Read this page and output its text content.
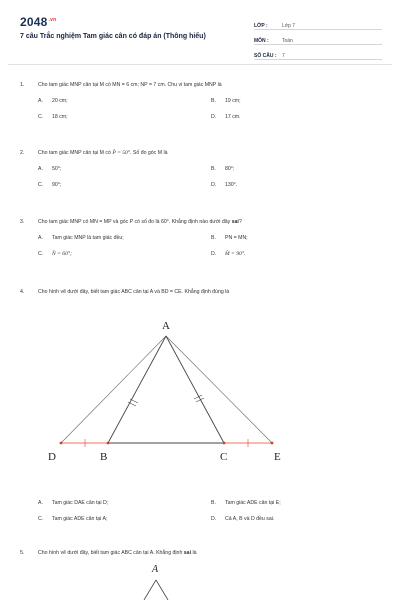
$2048^{.vn}$
7 câu Trắc nghiệm Tam giác cân có đáp án (Thông hiểu)
LỚP :	Lớp 7
MÔN :	Toán
SỐ CÂU :	7
1.	Cho tam giác MNP cân tại M có MN = 6 cm; NP = 7 cm. Chu vi tam giác MNP là
A.	20 cm;	B.	19 cm;
C.	18 cm;	D.	17 cm.
2.	Cho tam giác MNP cân tại M có P̂ = 50°. Số đo góc M là
A.	50°;	B.	80°;
C.	90°;	D.	130°.
3.	Cho tam giác MNP có MN = MP và góc P có số đo là 60°. Khẳng định nào dưới đây sai?
A.	Tam giác MNP là tam giác đều;	B.	PN = MN;
C.	N̂ = 60°;	D.	M̂ = 90°.
4.	Cho hình vẽ dưới đây, biết tam giác ABC cân tại A và BD = CE. Khẳng định đúng là
A
D	B	C	E
A.	Tam giác DAE cân tại D;	B.	Tam giác ADE cân tại E;
C.	Tam giác ADE cân tại A;	D.	Cả A, B và D đều sai.
5.	Cho hình vẽ dưới đây, biết tam giác ABC cân tại A. Khẳng định sai là
A
